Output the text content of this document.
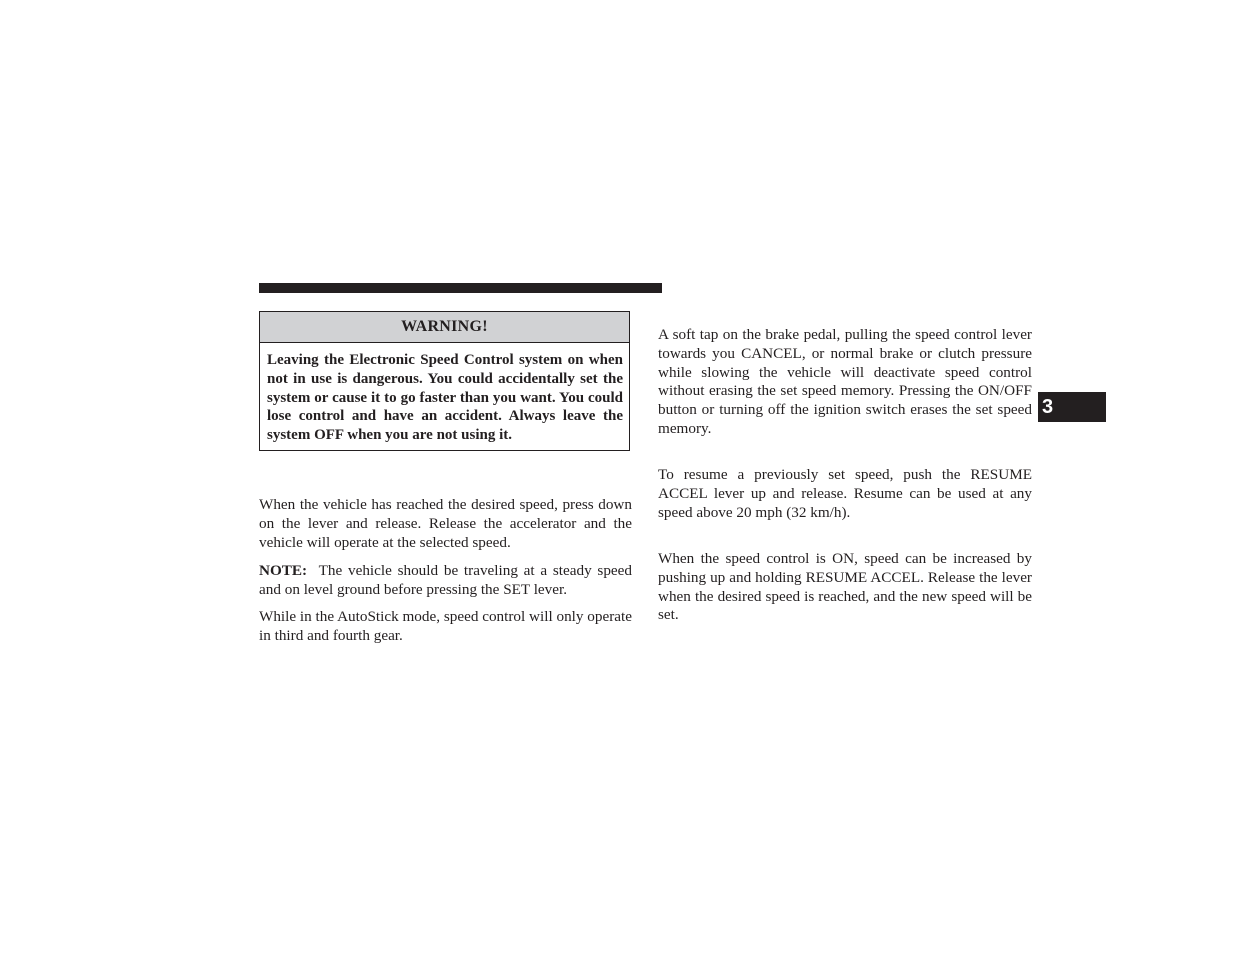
WARNING!
Leaving the Electronic Speed Control system on when not in use is dangerous. You could accidentally set the system or cause it to go faster than you want. You could lose control and have an accident. Always leave the system OFF when you are not using it.

When the vehicle has reached the desired speed, press down on the lever and release. Release the accelerator and the vehicle will operate at the selected speed.

NOTE: The vehicle should be traveling at a steady speed and on level ground before pressing the SET lever.

While in the AutoStick mode, speed control will only operate in third and fourth gear.

A soft tap on the brake pedal, pulling the speed control lever towards you CANCEL, or normal brake or clutch pressure while slowing the vehicle will deactivate speed control without erasing the set speed memory. Pressing the ON/OFF button or turning off the ignition switch erases the set speed memory.

To resume a previously set speed, push the RESUME ACCEL lever up and release. Resume can be used at any speed above 20 mph (32 km/h).

When the speed control is ON, speed can be increased by pushing up and holding RESUME ACCEL. Release the lever when the desired speed is reached, and the new speed will be set.

3
